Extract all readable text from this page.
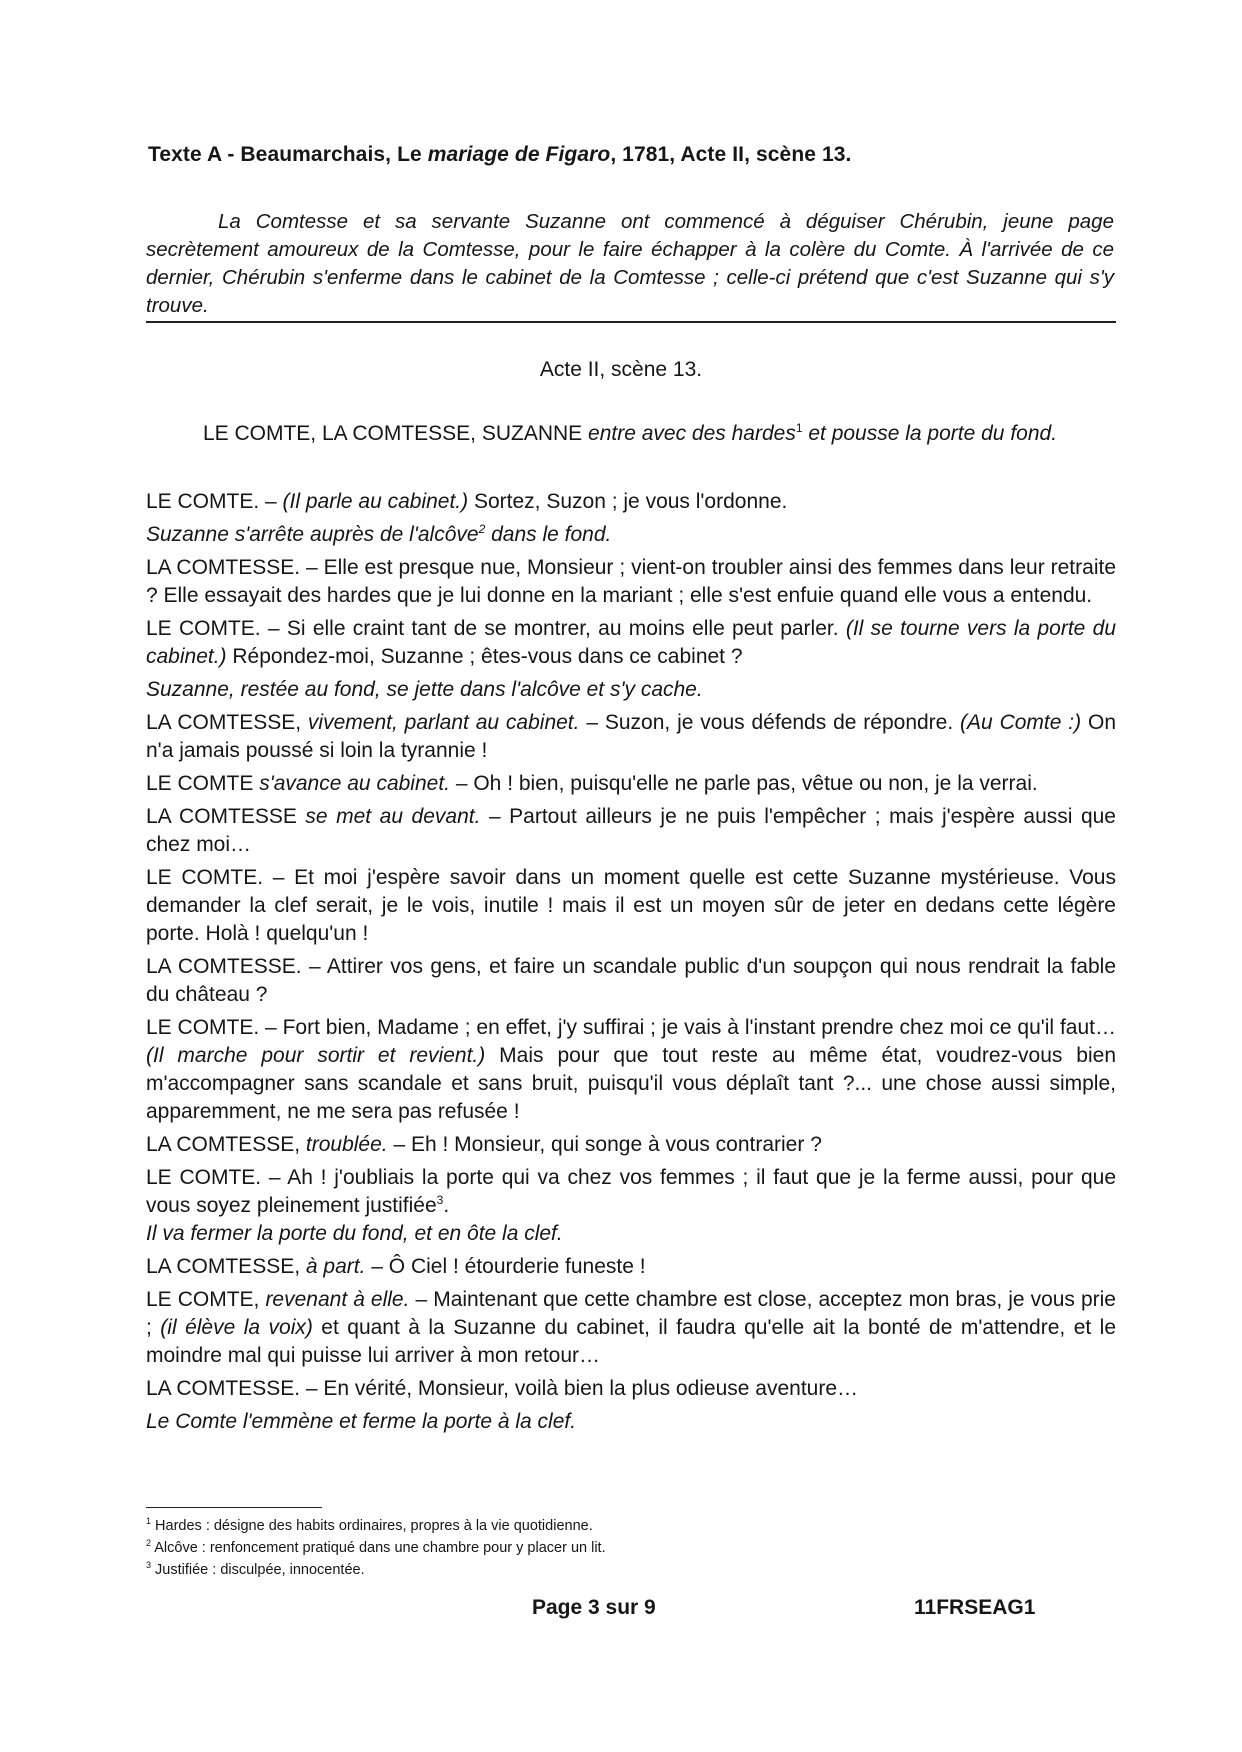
Texte A - Beaumarchais, Le mariage de Figaro, 1781, Acte II, scène 13.
La Comtesse et sa servante Suzanne ont commencé à déguiser Chérubin, jeune page secrètement amoureux de la Comtesse, pour le faire échapper à la colère du Comte. À l'arrivée de ce dernier, Chérubin s'enferme dans le cabinet de la Comtesse ; celle-ci prétend que c'est Suzanne qui s'y trouve.
Acte II, scène 13.
LE COMTE, LA COMTESSE, SUZANNE entre avec des hardes$^1$ et pousse la porte du fond.

LE COMTE. – (Il parle au cabinet.) Sortez, Suzon ; je vous l'ordonne.

Suzanne s'arrête auprès de l'alcôve$^2$ dans le fond.

LA COMTESSE. – Elle est presque nue, Monsieur ; vient-on troubler ainsi des femmes dans leur retraite ? Elle essayait des hardes que je lui donne en la mariant ; elle s'est enfuie quand elle vous a entendu.

LE COMTE. – Si elle craint tant de se montrer, au moins elle peut parler. (Il se tourne vers la porte du cabinet.) Répondez-moi, Suzanne ; êtes-vous dans ce cabinet ?

Suzanne, restée au fond, se jette dans l'alcôve et s'y cache.

LA COMTESSE, vivement, parlant au cabinet. – Suzon, je vous défends de répondre. (Au Comte :) On n'a jamais poussé si loin la tyrannie !

LE COMTE s'avance au cabinet. – Oh ! bien, puisqu'elle ne parle pas, vêtue ou non, je la verrai.

LA COMTESSE se met au devant. – Partout ailleurs je ne puis l'empêcher ; mais j'espère aussi que chez moi…

LE COMTE. – Et moi j'espère savoir dans un moment quelle est cette Suzanne mystérieuse. Vous demander la clef serait, je le vois, inutile ! mais il est un moyen sûr de jeter en dedans cette légère porte. Holà ! quelqu'un !

LA COMTESSE. – Attirer vos gens, et faire un scandale public d'un soupçon qui nous rendrait la fable du château ?

LE COMTE. – Fort bien, Madame ; en effet, j'y suffirai ; je vais à l'instant prendre chez moi ce qu'il faut… (Il marche pour sortir et revient.) Mais pour que tout reste au même état, voudrez-vous bien m'accompagner sans scandale et sans bruit, puisqu'il vous déplaît tant ?... une chose aussi simple, apparemment, ne me sera pas refusée !

LA COMTESSE, troublée. – Eh ! Monsieur, qui songe à vous contrarier ?

LE COMTE. – Ah ! j'oubliais la porte qui va chez vos femmes ; il faut que je la ferme aussi, pour que vous soyez pleinement justifiée$^3$.

Il va fermer la porte du fond, et en ôte la clef.

LA COMTESSE, à part. – Ô Ciel ! étourderie funeste !

LE COMTE, revenant à elle. – Maintenant que cette chambre est close, acceptez mon bras, je vous prie ; (il élève la voix) et quant à la Suzanne du cabinet, il faudra qu'elle ait la bonté de m'attendre, et le moindre mal qui puisse lui arriver à mon retour…

LA COMTESSE. – En vérité, Monsieur, voilà bien la plus odieuse aventure…

Le Comte l'emmène et ferme la porte à la clef.

$^1$ Hardes : désigne des habits ordinaires, propres à la vie quotidienne.
$^2$ Alcôve : renfoncement pratiqué dans une chambre pour y placer un lit.
$^3$ Justifiée : disculpée, innocentée.
Page 3 sur 9	11FRSEAG1
